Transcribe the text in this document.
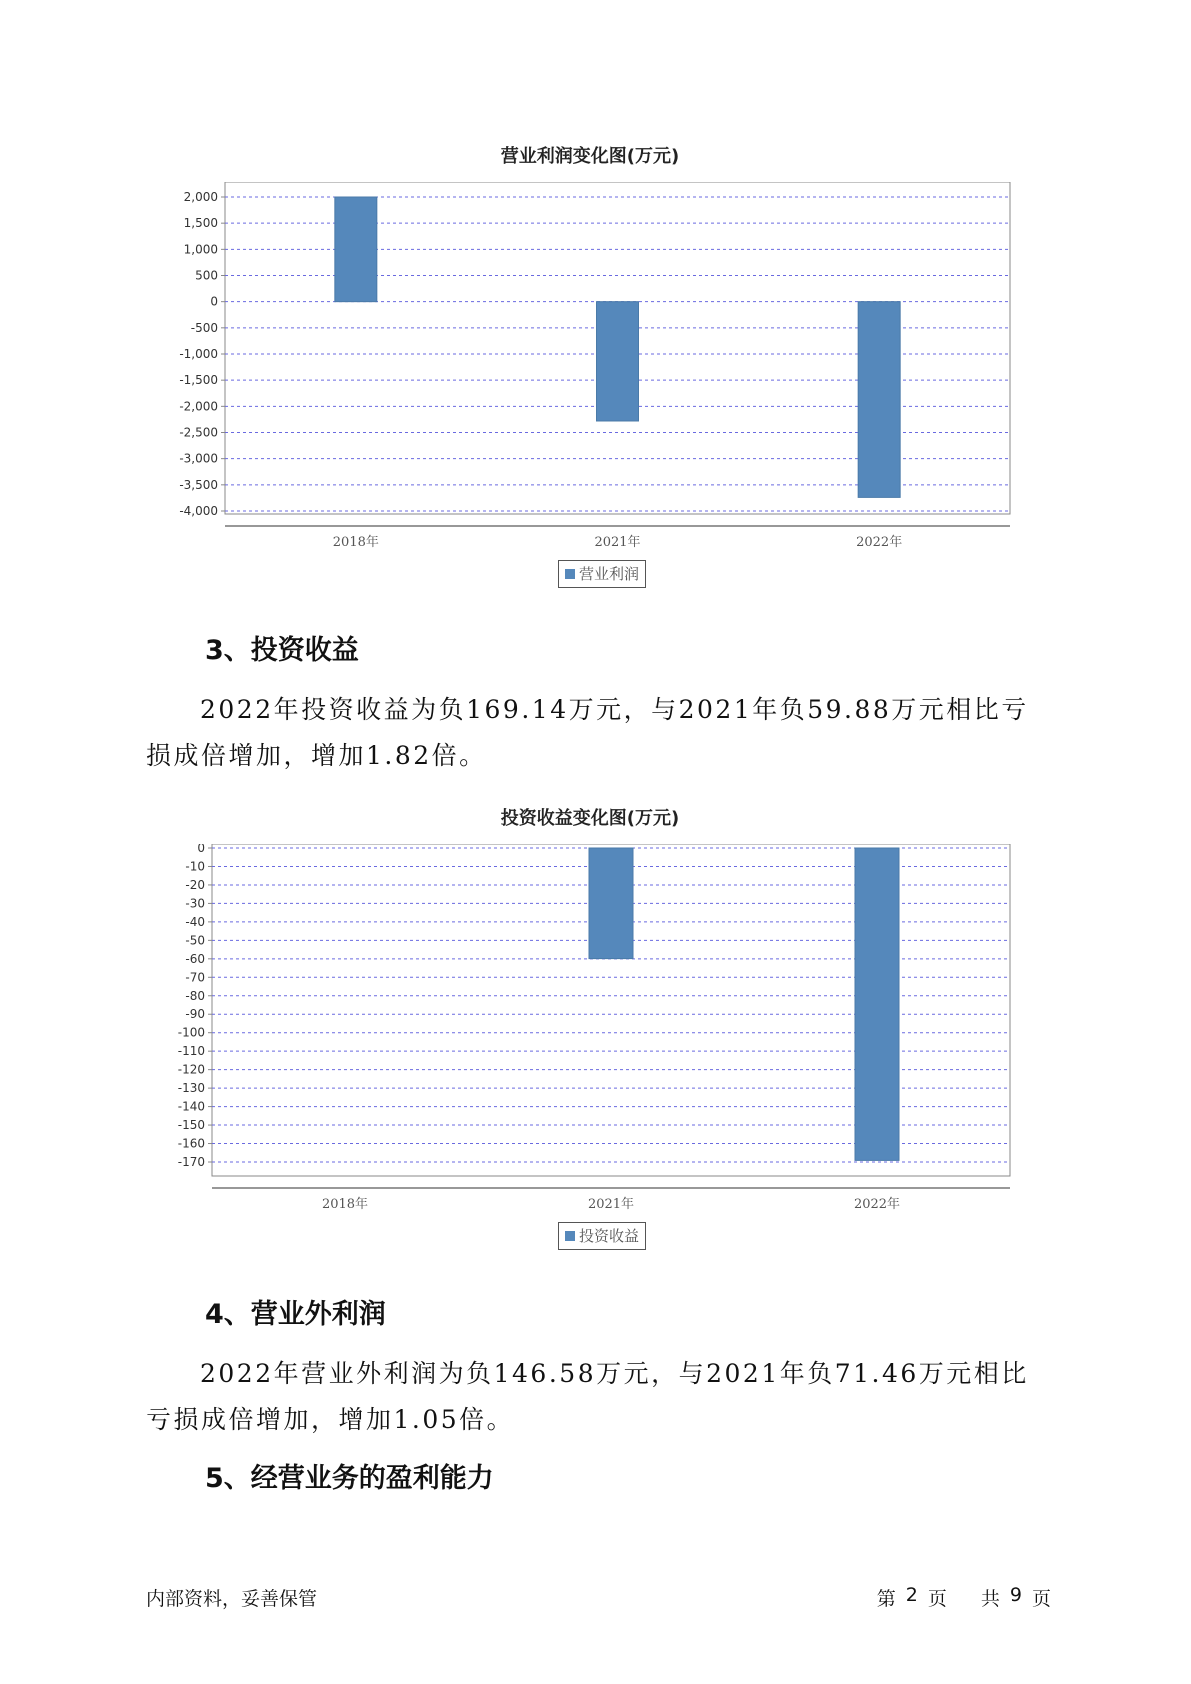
营业利润变化图(万元)
2,000
1,500
1,000
500
0
-500
-1,000
-1,500
-2,000
-2,500
-3,000
-3,500
-4,000
2018年	2021年	2022年
营业利润
3、投资收益

2022年投资收益为负169.14万元，与2021年负59.88万元相比亏损成倍增加，增加1.82倍。

投资收益变化图(万元)
0
-10
-20
-30
-40
-50
-60
-70
-80
-90
-100
-110
-120
-130
-140
-150
-160
-170
2018年	2021年	2022年
投资收益
4、营业外利润

2022年营业外利润为负146.58万元，与2021年负71.46万元相比亏损成倍增加，增加1.05倍。

5、经营业务的盈利能力
内部资料，妥善保管	第 2 页 共 9 页
